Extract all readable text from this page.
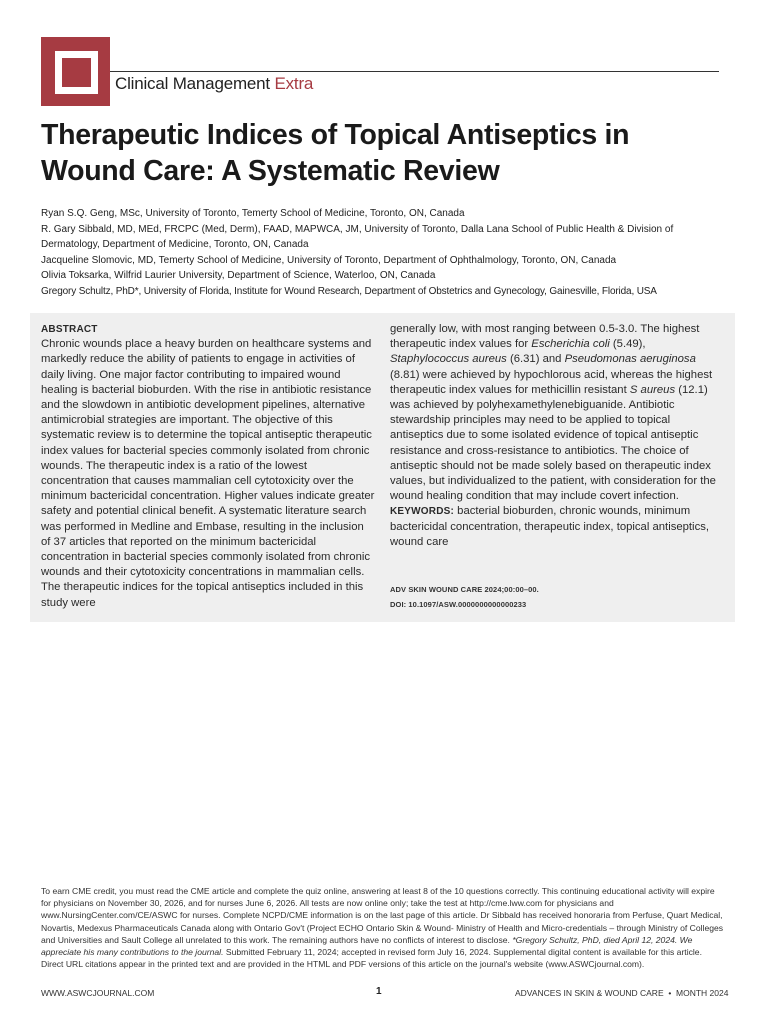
Clinical Management Extra
Therapeutic Indices of Topical Antiseptics in Wound Care: A Systematic Review
Ryan S.Q. Geng, MSc, University of Toronto, Temerty School of Medicine, Toronto, ON, Canada
R. Gary Sibbald, MD, MEd, FRCPC (Med, Derm), FAAD, MAPWCA, JM, University of Toronto, Dalla Lana School of Public Health & Division of Dermatology, Department of Medicine, Toronto, ON, Canada
Jacqueline Slomovic, MD, Temerty School of Medicine, University of Toronto, Department of Ophthalmology, Toronto, ON, Canada
Olivia Toksarka, Wilfrid Laurier University, Department of Science, Waterloo, ON, Canada
Gregory Schultz, PhD*, University of Florida, Institute for Wound Research, Department of Obstetrics and Gynecology, Gainesville, Florida, USA
ABSTRACT
Chronic wounds place a heavy burden on healthcare systems and markedly reduce the ability of patients to engage in activities of daily living. One major factor contributing to impaired wound healing is bacterial bioburden. With the rise in antibiotic resistance and the slowdown in antibiotic development pipelines, alternative antimicrobial strategies are important. The objective of this systematic review is to determine the topical antiseptic therapeutic index values for bacterial species commonly isolated from chronic wounds. The therapeutic index is a ratio of the lowest concentration that causes mammalian cell cytotoxicity over the minimum bactericidal concentration. Higher values indicate greater safety and potential clinical benefit. A systematic literature search was performed in Medline and Embase, resulting in the inclusion of 37 articles that reported on the minimum bactericidal concentration in bacterial species commonly isolated from chronic wounds and their cytotoxicity concentrations in mammalian cells. The therapeutic indices for the topical antiseptics included in this study were
generally low, with most ranging between 0.5-3.0. The highest therapeutic index values for Escherichia coli (5.49), Staphylococcus aureus (6.31) and Pseudomonas aeruginosa (8.81) were achieved by hypochlorous acid, whereas the highest therapeutic index values for methicillin resistant S aureus (12.1) was achieved by polyhexamethylenebiguanide. Antibiotic stewardship principles may need to be applied to topical antiseptics due to some isolated evidence of topical antiseptic resistance and cross-resistance to antibiotics. The choice of antiseptic should not be made solely based on therapeutic index values, but individualized to the patient, with consideration for the wound healing condition that may include covert infection.
KEYWORDS: bacterial bioburden, chronic wounds, minimum bactericidal concentration, therapeutic index, topical antiseptics, wound care
ADV SKIN WOUND CARE 2024;00:00–00.
DOI: 10.1097/ASW.0000000000000233
To earn CME credit, you must read the CME article and complete the quiz online, answering at least 8 of the 10 questions correctly. This continuing educational activity will expire for physicians on November 30, 2026, and for nurses June 6, 2026. All tests are now online only; take the test at http://cme.lww.com for physicians and www.NursingCenter.com/CE/ASWC for nurses. Complete NCPD/CME information is on the last page of this article. Dr Sibbald has received honoraria from Perfuse, Quart Medical, Novartis, Medexus Pharmaceuticals Canada along with Ontario Gov't (Project ECHO Ontario Skin & Wound- Ministry of Health and Micro-credentials – through Ministry of Colleges and Universities and Sault College all unrelated to this work. The remaining authors have no conflicts of interest to disclose. *Gregory Schultz, PhD, died April 12, 2024. We appreciate his many contributions to the journal. Submitted February 11, 2024; accepted in revised form July 16, 2024. Supplemental digital content is available for this article. Direct URL citations appear in the printed text and are provided in the HTML and PDF versions of this article on the journal's website (www.ASWCjournal.com).
WWW.ASWCJOURNAL.COM	1	ADVANCES IN SKIN & WOUND CARE  •  MONTH 2024
